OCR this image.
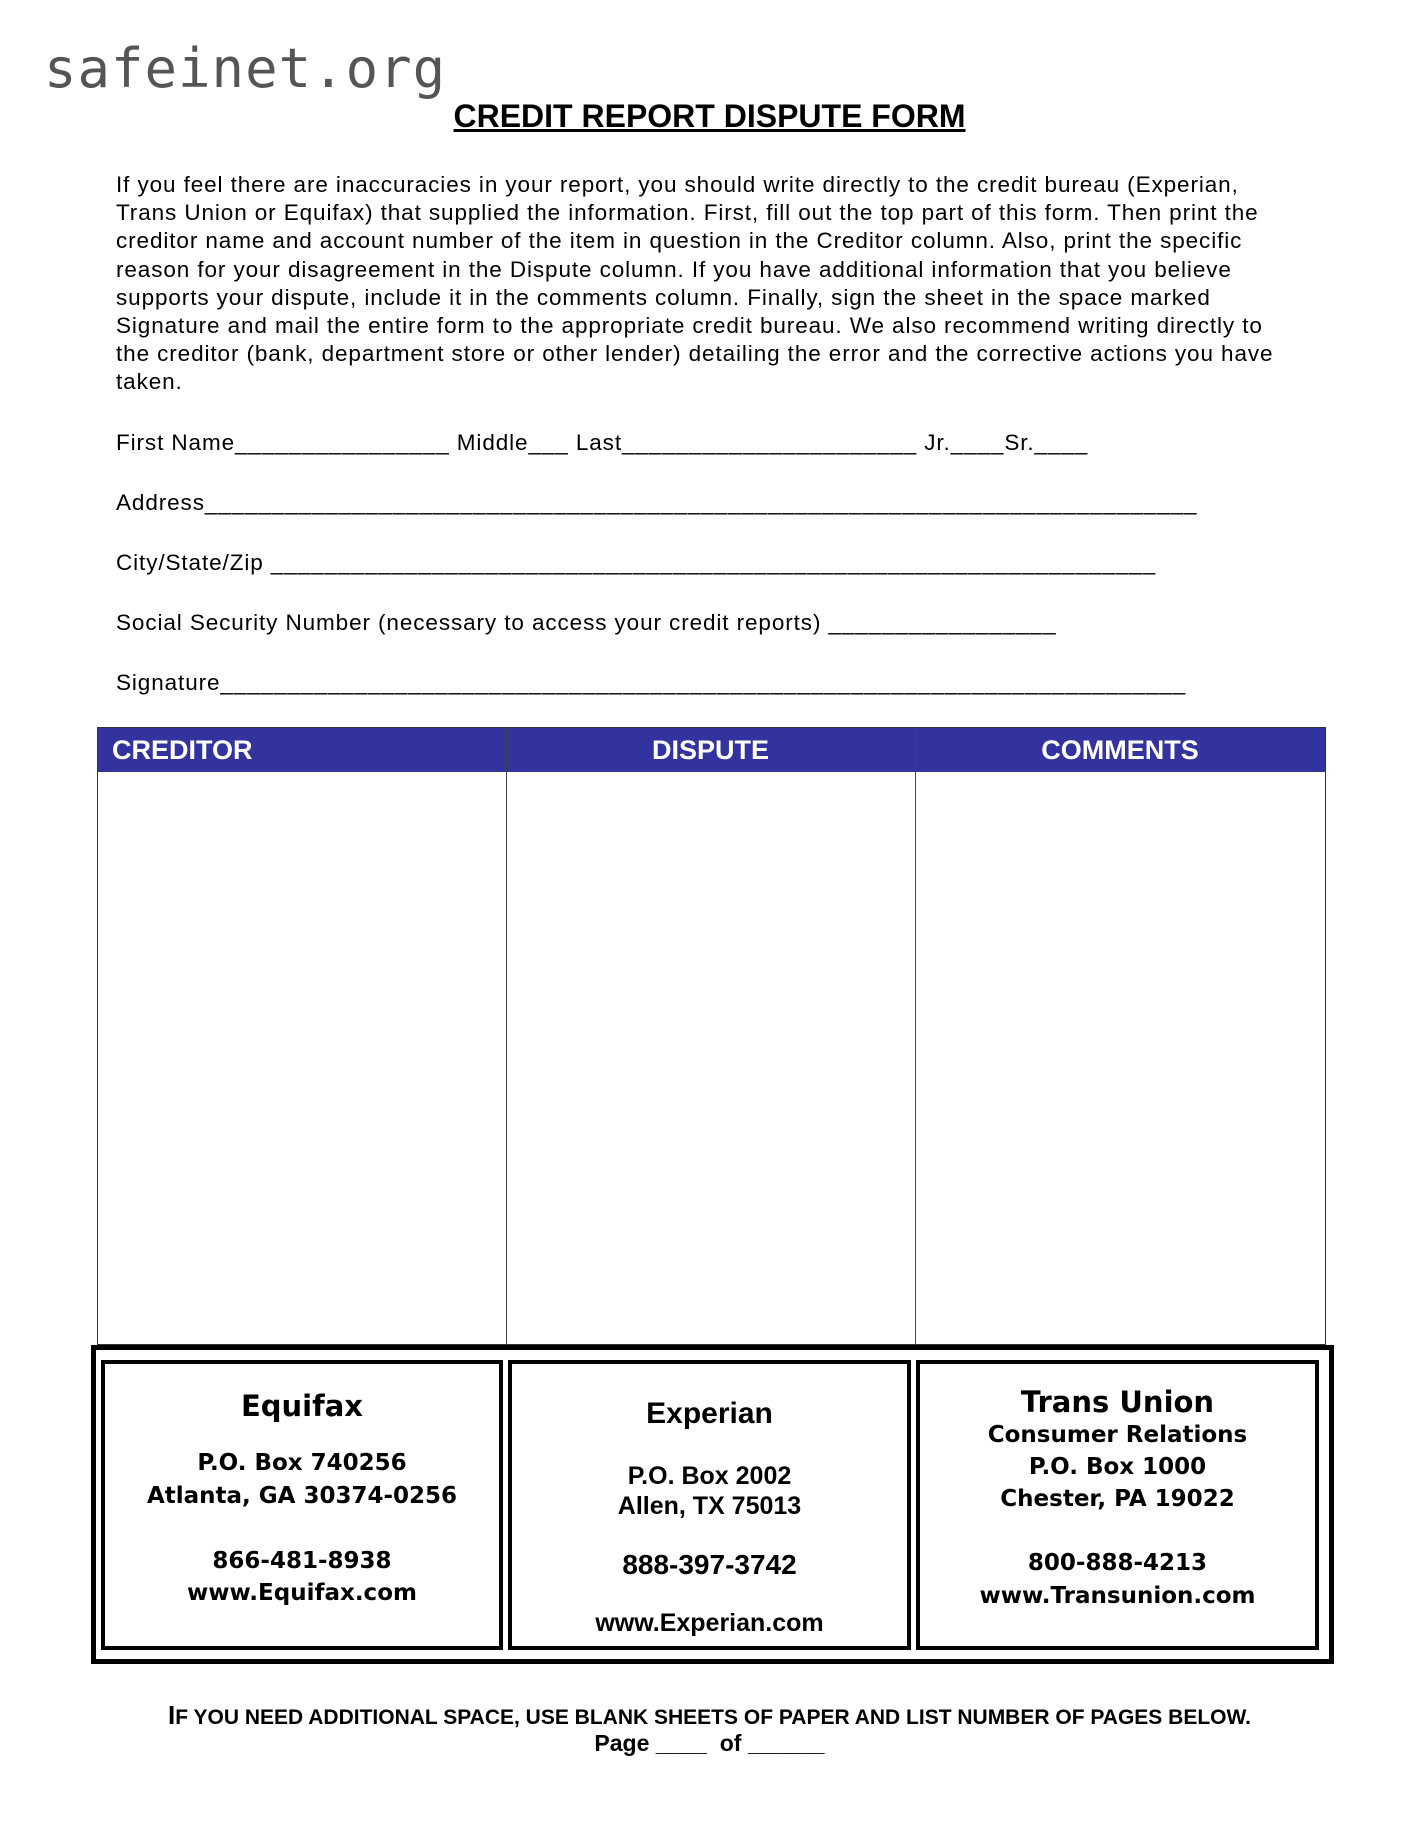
safeinet.org
CREDIT REPORT DISPUTE FORM

If you feel there are inaccuracies in your report, you should write directly to the credit bureau (Experian, Trans Union or Equifax) that supplied the information. First, fill out the top part of this form. Then print the creditor name and account number of the item in question in the Creditor column. Also, print the specific reason for your disagreement in the Dispute column. If you have additional information that you believe supports your dispute, include it in the comments column. Finally, sign the sheet in the space marked Signature and mail the entire form to the appropriate credit bureau. We also recommend writing directly to the creditor (bank, department store or other lender) detailing the error and the corrective actions you have taken.

First Name________________ Middle___ Last______________________ Jr.____Sr.____
Address__________________________________________________________________________
City/State/Zip __________________________________________________________________
Social Security Number (necessary to access your credit reports) _________________
Signature________________________________________________________________________
CREDITOR	DISPUTE	COMMENTS
Equifax
P.O. Box 740256
Atlanta, GA 30374-0256
866-481-8938
www.Equifax.com
Experian
P.O. Box 2002
Allen, TX 75013
888-397-3742
www.Experian.com
Trans Union
Consumer Relations
P.O. Box 1000
Chester, PA 19022
800-888-4213
www.Transunion.com
IF YOU NEED ADDITIONAL SPACE, USE BLANK SHEETS OF PAPER AND LIST NUMBER OF PAGES BELOW.
Page ____  of ______
